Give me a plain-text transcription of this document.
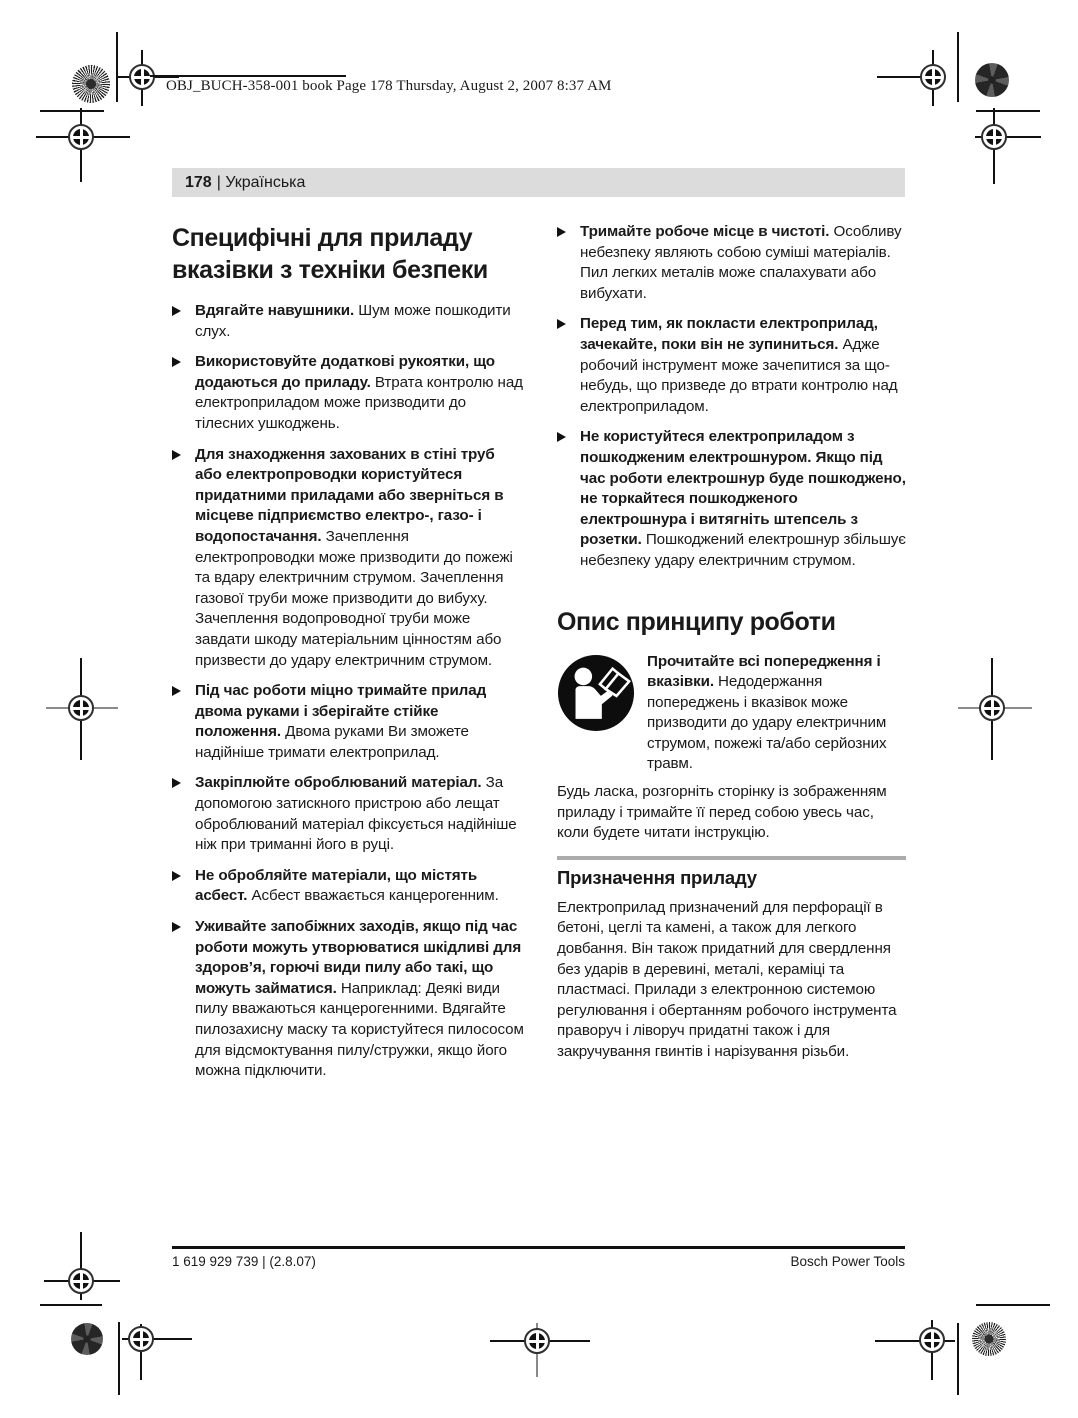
OBJ_BUCH-358-001 book Page 178 Thursday, August 2, 2007 8:37 AM
178 | Українська
Специфічні для приладу вказівки з техніки безпеки

Вдягайте навушники. Шум може пошкодити слух.

Використовуйте додаткові рукоятки, що додаються до приладу. Втрата контролю над електроприладом може призводити до тілесних ушкоджень.

Для знаходження захованих в стіні труб або електропроводки користуйтеся придатними приладами або зверніться в місцеве підприємство електро-, газо- і водопостачання. Зачеплення електропроводки може призводити до пожежі та вдару електричним струмом. Зачеплення газової труби може призводити до вибуху. Зачеплення водопроводної труби може завдати шкоду матеріальним цінностям або призвести до удару електричним струмом.

Під час роботи міцно тримайте прилад двома руками і зберігайте стійке положення. Двома руками Ви зможете надійніше тримати електроприлад.

Закріплюйте оброблюваний матеріал. За допомогою затискного пристрою або лещат оброблюваний матеріал фіксується надійніше ніж при триманні його в руці.

Не обробляйте матеріали, що містять асбест. Асбест вважається канцерогенним.

Уживайте запобіжних заходів, якщо під час роботи можуть утворюватися шкідливі для здоров’я, горючі види пилу або такі, що можуть займатися. Наприклад: Деякі види пилу вважаються канцерогенними. Вдягайте пилозахисну маску та користуйтеся пилососом для відсмоктування пилу/стружки, якщо його можна підключити.

Тримайте робоче місце в чистоті. Особливу небезпеку являють собою суміші матеріалів. Пил легких металів може спалахувати або вибухати.

Перед тим, як покласти електроприлад, зачекайте, поки він не зупиниться. Адже робочий інструмент може зачепитися за що-небудь, що призведе до втрати контролю над електроприладом.

Не користуйтеся електроприладом з пошкодженим електрошнуром. Якщо під час роботи електрошнур буде пошкоджено, не торкайтеся пошкодженого електрошнура і витягніть штепсель з розетки. Пошкоджений електрошнур збільшує небезпеку удару електричним струмом.

Опис принципу роботи

Прочитайте всі попередження і вказівки. Недодержання попереджень і вказівок може призводити до удару електричним струмом, пожежі та/або серйозних травм.

Будь ласка, розгорніть сторінку із зображенням приладу і тримайте її перед собою увесь час, коли будете читати інструкцію.

Призначення приладу

Електроприлад призначений для перфорації в бетоні, цеглі та камені, а також для легкого довбання. Він також придатний для свердлення без ударів в деревині, металі, кераміці та пластмасі. Прилади з електронною системою регулювання і обертанням робочого інструмента праворуч і ліворуч придатні також і для закручування гвинтів і нарізування різьби.

1 619 929 739 | (2.8.07)	Bosch Power Tools
